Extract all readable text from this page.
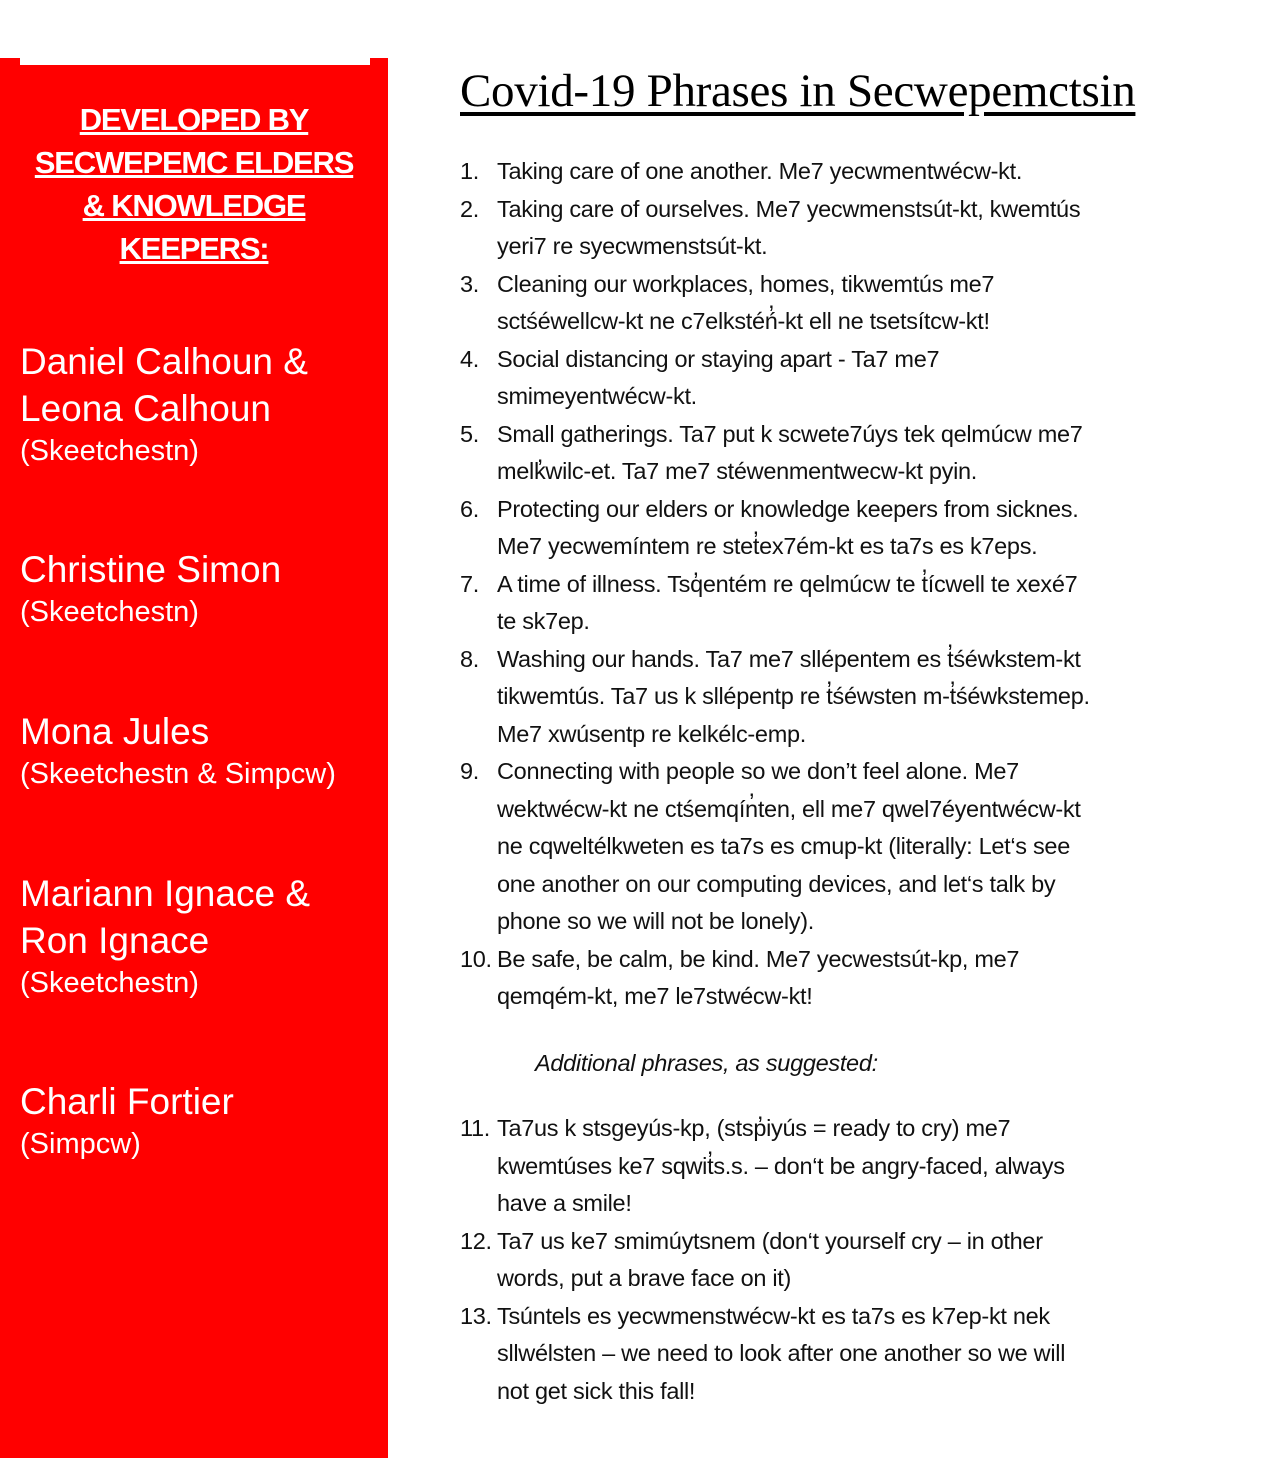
DEVELOPED BY
SECWEPEMC ELDERS
& KNOWLEDGE
KEEPERS:
Daniel Calhoun &
Leona Calhoun
(Skeetchestn)
Christine Simon
(Skeetchestn)
Mona Jules
(Skeetchestn & Simpcw)
Mariann Ignace &
Ron Ignace
(Skeetchestn)
Charli Fortier
(Simpcw)
Covid-19 Phrases in Secwepemctsin
1. Taking care of one another. Me7 yecwmentwécw-kt.
2. Taking care of ourselves. Me7 yecwmenstsút-kt, kwemtús
yeri7 re syecwmenstsút-kt.
3. Cleaning our workplaces, homes, tikwemtús me7
sctśéwellcw-kt ne c7elkstéń̓-kt ell ne tsetsítcw-kt!
4. Social distancing or staying apart - Ta7 me7
smimeyentwécw-kt.
5. Small gatherings. Ta7 put k scwete7úys tek qelmúcw me7
melk̓wilc-et. Ta7 me7 stéwenmentwecw-kt pyin.
6. Protecting our elders or knowledge keepers from sicknes.
Me7 yecwemíntem re stet̓ex7ém-kt es ta7s es k7eps.
7. A time of illness. Tsq̓entém re qelmúcw te t̓ícwell te xexé7
te sk7ep.
8. Washing our hands. Ta7 me7 sllépentem es t̓śéwkstem-kt
tikwemtús. Ta7 us k sllépentp re t̓śéwsten m-t̓śéwkstemep.
Me7 xwúsentp re kelkélc-emp.
9. Connecting with people so we don’t feel alone. Me7
wektwécw-kt ne ctśemqín̓ten, ell me7 qwel7éyentwécw-kt
ne cqweltélkweten es ta7s es cmup-kt (literally: Let‘s see
one another on our computing devices, and let‘s talk by
phone so we will not be lonely).
10. Be safe, be calm, be kind. Me7 yecwestsút-kp, me7
qemqém-kt, me7 le7stwécw-kt!
Additional phrases, as suggested:
11. Ta7us k stsgeyús-kp, (stsp̓iyús = ready to cry) me7
kwemtúses ke7 sqwit̓s.s. – don‘t be angry-faced, always
have a smile!
12. Ta7 us ke7 smimúytsnem (don‘t yourself cry – in other
words, put a brave face on it)
13. Tsúntels es yecwmenstwécw-kt es ta7s es k7ep-kt nek
sllwélsten – we need to look after one another so we will
not get sick this fall!
